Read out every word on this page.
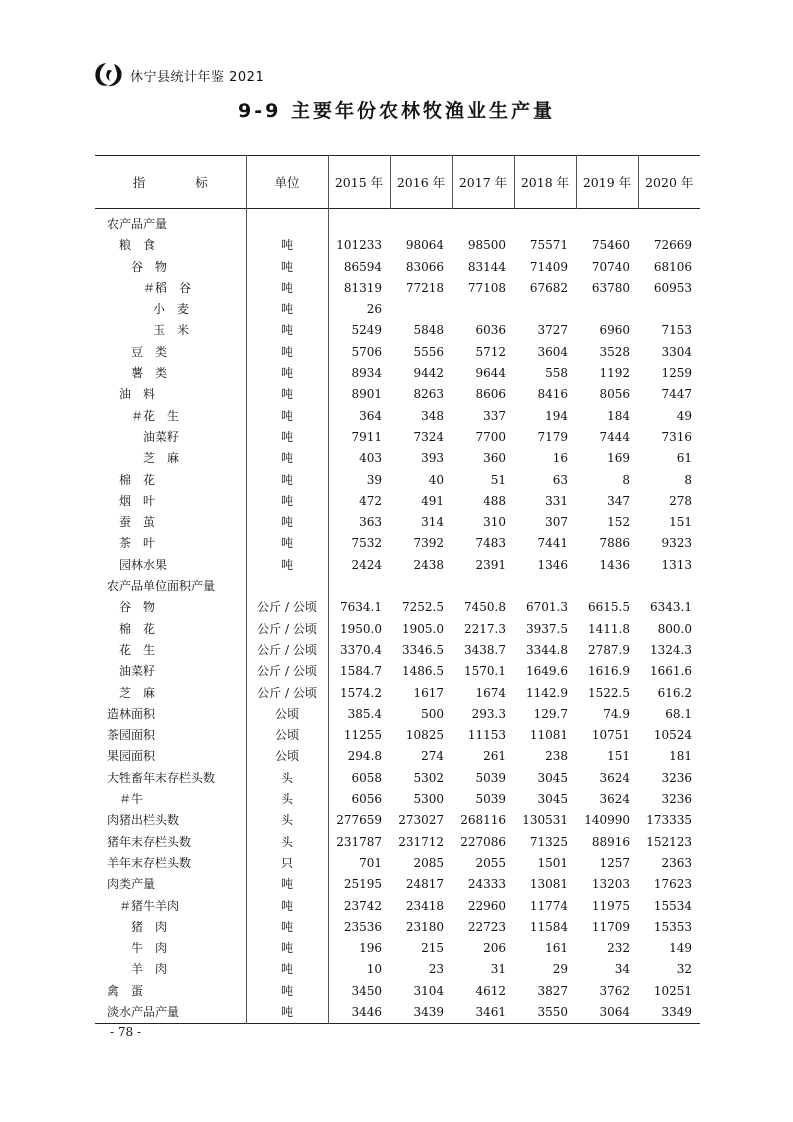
休宁县统计年鉴 2021
9-9 主要年份农林牧渔业生产量
指　　　　标	单位	2015 年	2016 年	2017 年	2018 年	2019 年	2020 年
农产品产量							
粮　食	吨	101233	98064	98500	75571	75460	72669
谷　物	吨	86594	83066	83144	71409	70740	68106
＃稻　谷	吨	81319	77218	77108	67682	63780	60953
小　麦	吨	26					
玉　米	吨	5249	5848	6036	3727	6960	7153
豆　类	吨	5706	5556	5712	3604	3528	3304
薯　类	吨	8934	9442	9644	558	1192	1259
油　料	吨	8901	8263	8606	8416	8056	7447
＃花　生	吨	364	348	337	194	184	49
油菜籽	吨	7911	7324	7700	7179	7444	7316
芝　麻	吨	403	393	360	16	169	61
棉　花	吨	39	40	51	63	8	8
烟　叶	吨	472	491	488	331	347	278
蚕　茧	吨	363	314	310	307	152	151
茶　叶	吨	7532	7392	7483	7441	7886	9323
园林水果	吨	2424	2438	2391	1346	1436	1313
农产品单位面积产量							
谷　物	公斤 / 公顷	7634.1	7252.5	7450.8	6701.3	6615.5	6343.1
棉　花	公斤 / 公顷	1950.0	1905.0	2217.3	3937.5	1411.8	800.0
花　生	公斤 / 公顷	3370.4	3346.5	3438.7	3344.8	2787.9	1324.3
油菜籽	公斤 / 公顷	1584.7	1486.5	1570.1	1649.6	1616.9	1661.6
芝　麻	公斤 / 公顷	1574.2	1617	1674	1142.9	1522.5	616.2
造林面积	公顷	385.4	500	293.3	129.7	74.9	68.1
茶园面积	公顷	11255	10825	11153	11081	10751	10524
果园面积	公顷	294.8	274	261	238	151	181
大牲畜年末存栏头数	头	6058	5302	5039	3045	3624	3236
＃牛	头	6056	5300	5039	3045	3624	3236
肉猪出栏头数	头	277659	273027	268116	130531	140990	173335
猪年末存栏头数	头	231787	231712	227086	71325	88916	152123
羊年末存栏头数	只	701	2085	2055	1501	1257	2363
肉类产量	吨	25195	24817	24333	13081	13203	17623
＃猪牛羊肉	吨	23742	23418	22960	11774	11975	15534
猪　肉	吨	23536	23180	22723	11584	11709	15353
牛　肉	吨	196	215	206	161	232	149
羊　肉	吨	10	23	31	29	34	32
禽　蛋	吨	3450	3104	4612	3827	3762	10251
淡水产品产量	吨	3446	3439	3461	3550	3064	3349
- 78 -
